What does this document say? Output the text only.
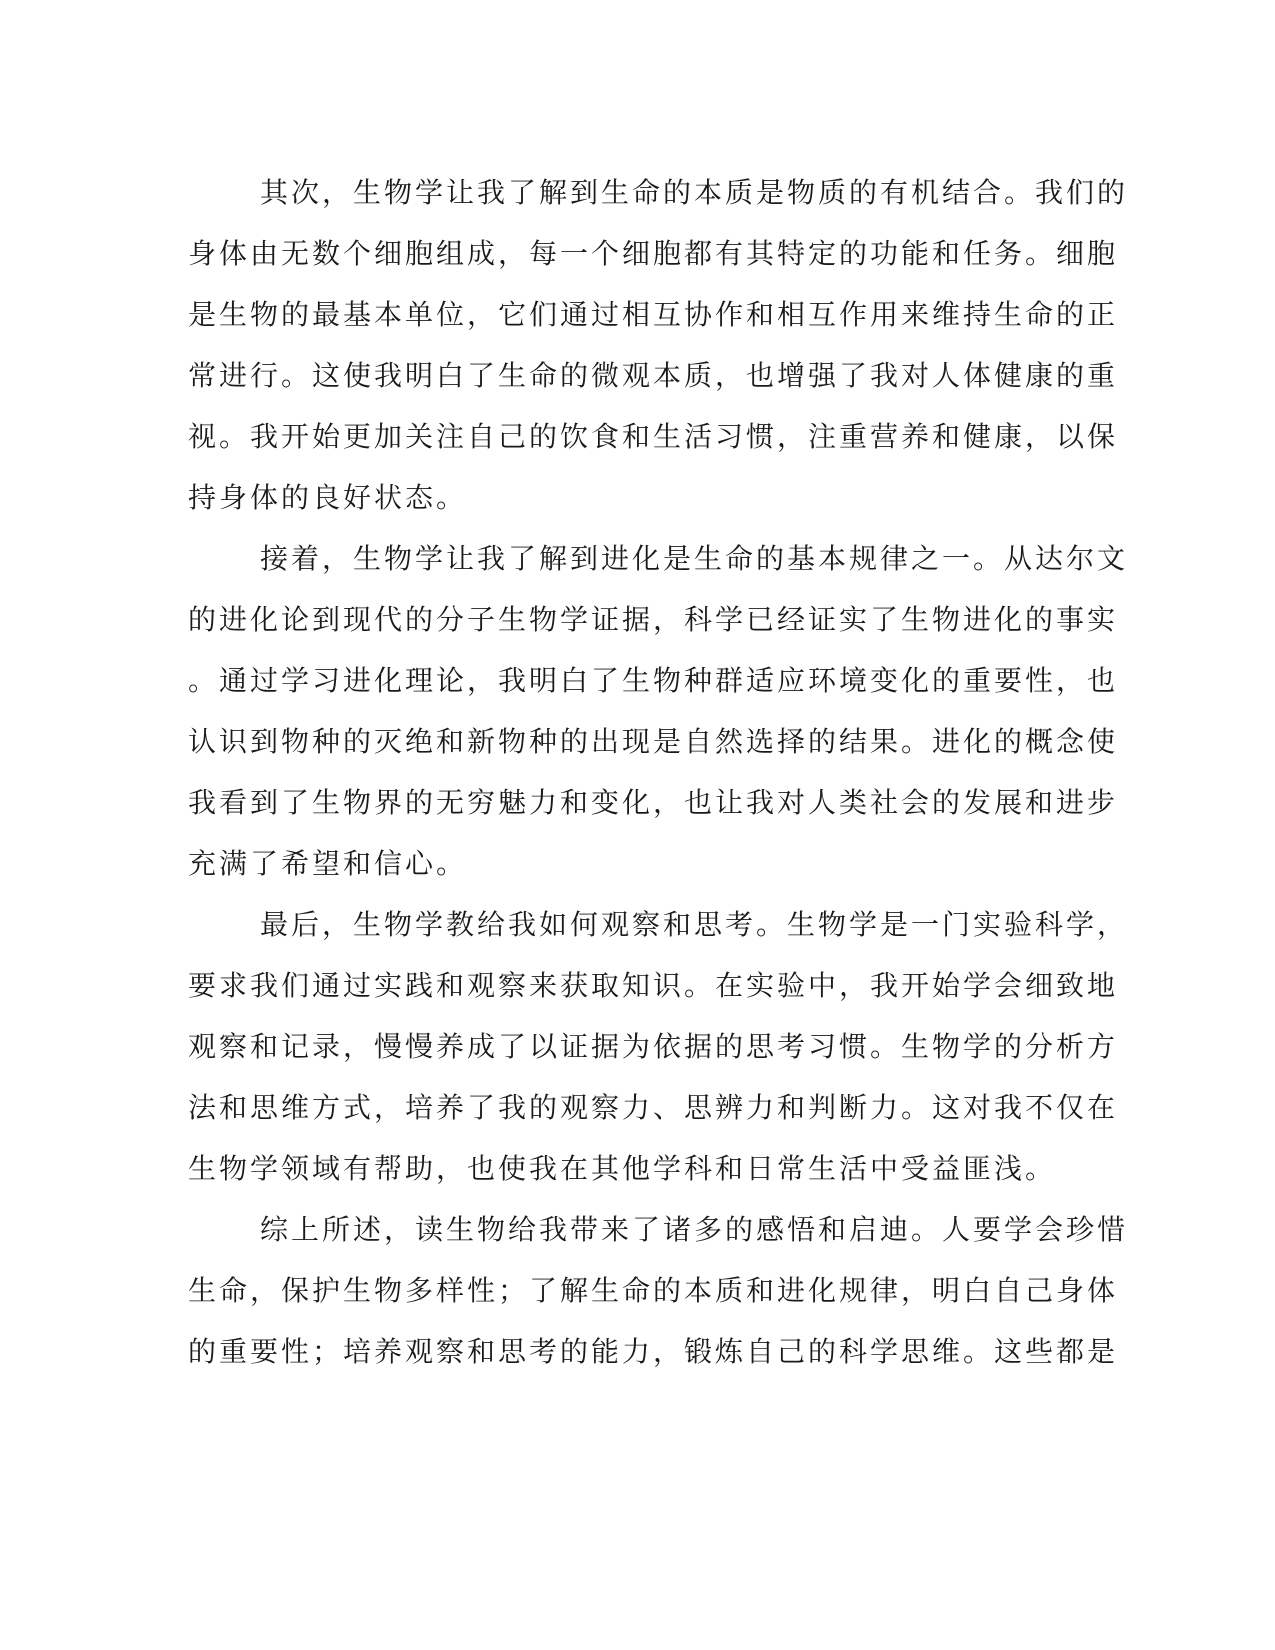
其次，生物学让我了解到生命的本质是物质的有机结合。我们的
身体由无数个细胞组成，每一个细胞都有其特定的功能和任务。细胞
是生物的最基本单位，它们通过相互协作和相互作用来维持生命的正
常进行。这使我明白了生命的微观本质，也增强了我对人体健康的重
视。我开始更加关注自己的饮食和生活习惯，注重营养和健康，以保
持身体的良好状态。
接着，生物学让我了解到进化是生命的基本规律之一。从达尔文
的进化论到现代的分子生物学证据，科学已经证实了生物进化的事实
。通过学习进化理论，我明白了生物种群适应环境变化的重要性，也
认识到物种的灭绝和新物种的出现是自然选择的结果。进化的概念使
我看到了生物界的无穷魅力和变化，也让我对人类社会的发展和进步
充满了希望和信心。
最后，生物学教给我如何观察和思考。生物学是一门实验科学，
要求我们通过实践和观察来获取知识。在实验中，我开始学会细致地
观察和记录，慢慢养成了以证据为依据的思考习惯。生物学的分析方
法和思维方式，培养了我的观察力、思辨力和判断力。这对我不仅在
生物学领域有帮助，也使我在其他学科和日常生活中受益匪浅。
综上所述，读生物给我带来了诸多的感悟和启迪。人要学会珍惜
生命，保护生物多样性；了解生命的本质和进化规律，明白自己身体
的重要性；培养观察和思考的能力，锻炼自己的科学思维。这些都是
